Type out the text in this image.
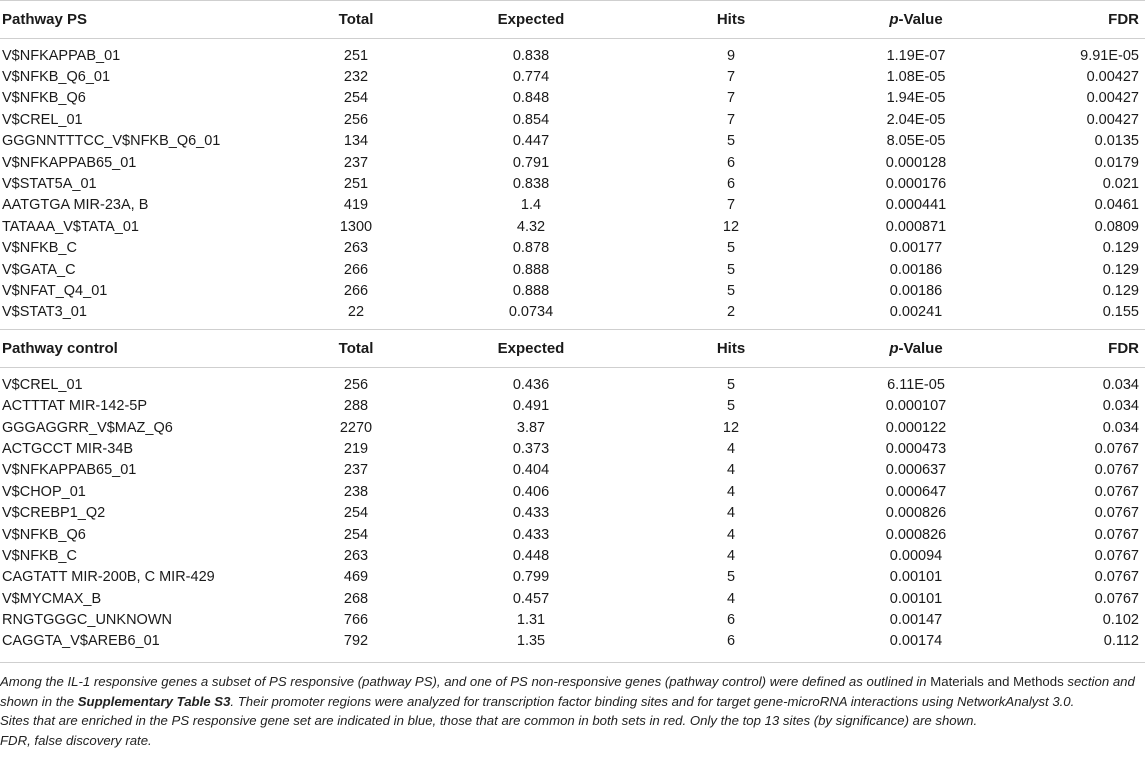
Pathway PS	Total	Expected	Hits	p-Value	FDR

V$NFKAPPAB_01	251	0.838	9	1.19E-07	9.91E-05
V$NFKB_Q6_01	232	0.774	7	1.08E-05	0.00427
V$NFKB_Q6	254	0.848	7	1.94E-05	0.00427
V$CREL_01	256	0.854	7	2.04E-05	0.00427
GGGNNTTTCC_V$NFKB_Q6_01	134	0.447	5	8.05E-05	0.0135
V$NFKAPPAB65_01	237	0.791	6	0.000128	0.0179
V$STAT5A_01	251	0.838	6	0.000176	0.021
AATGTGA MIR-23A, B	419	1.4	7	0.000441	0.0461
TATAAA_V$TATA_01	1300	4.32	12	0.000871	0.0809
V$NFKB_C	263	0.878	5	0.00177	0.129
V$GATA_C	266	0.888	5	0.00186	0.129
V$NFAT_Q4_01	266	0.888	5	0.00186	0.129
V$STAT3_01	22	0.0734	2	0.00241	0.155

Pathway control	Total	Expected	Hits	p-Value	FDR

V$CREL_01	256	0.436	5	6.11E-05	0.034
ACTTTAT MIR-142-5P	288	0.491	5	0.000107	0.034
GGGAGGRR_V$MAZ_Q6	2270	3.87	12	0.000122	0.034
ACTGCCT MIR-34B	219	0.373	4	0.000473	0.0767
V$NFKAPPAB65_01	237	0.404	4	0.000637	0.0767
V$CHOP_01	238	0.406	4	0.000647	0.0767
V$CREBP1_Q2	254	0.433	4	0.000826	0.0767
V$NFKB_Q6	254	0.433	4	0.000826	0.0767
V$NFKB_C	263	0.448	4	0.00094	0.0767
CAGTATT MIR-200B, C MIR-429	469	0.799	5	0.00101	0.0767
V$MYCMAX_B	268	0.457	4	0.00101	0.0767
RNGTGGGC_UNKNOWN	766	1.31	6	0.00147	0.102
CAGGTA_V$AREB6_01	792	1.35	6	0.00174	0.112

Among the IL-1 responsive genes a subset of PS responsive (pathway PS), and one of PS non-responsive genes (pathway control) were defined as outlined in Materials and Methods section and shown in the Supplementary Table S3. Their promoter regions were analyzed for transcription factor binding sites and for target gene-microRNA interactions using NetworkAnalyst 3.0.
Sites that are enriched in the PS responsive gene set are indicated in blue, those that are common in both sets in red. Only the top 13 sites (by significance) are shown.
FDR, false discovery rate.
